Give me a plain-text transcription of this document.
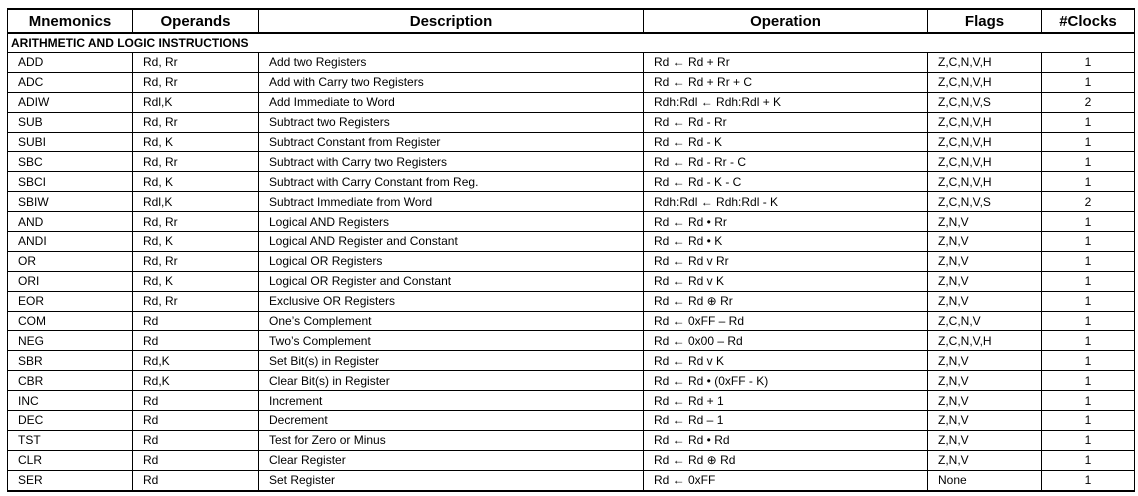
Mnemonics	Operands	Description	Operation	Flags	#Clocks
ARITHMETIC AND LOGIC INSTRUCTIONS					
ADD	Rd, Rr	Add two Registers	Rd ← Rd + Rr	Z,C,N,V,H	1
ADC	Rd, Rr	Add with Carry two Registers	Rd ← Rd + Rr + C	Z,C,N,V,H	1
ADIW	Rdl,K	Add Immediate to Word	Rdh:Rdl ← Rdh:Rdl + K	Z,C,N,V,S	2
SUB	Rd, Rr	Subtract two Registers	Rd ← Rd - Rr	Z,C,N,V,H	1
SUBI	Rd, K	Subtract Constant from Register	Rd ← Rd - K	Z,C,N,V,H	1
SBC	Rd, Rr	Subtract with Carry two Registers	Rd ← Rd - Rr - C	Z,C,N,V,H	1
SBCI	Rd, K	Subtract with Carry Constant from Reg.	Rd ← Rd - K - C	Z,C,N,V,H	1
SBIW	Rdl,K	Subtract Immediate from Word	Rdh:Rdl ← Rdh:Rdl - K	Z,C,N,V,S	2
AND	Rd, Rr	Logical AND Registers	Rd ← Rd • Rr	Z,N,V	1
ANDI	Rd, K	Logical AND Register and Constant	Rd ← Rd • K	Z,N,V	1
OR	Rd, Rr	Logical OR Registers	Rd ← Rd v Rr	Z,N,V	1
ORI	Rd, K	Logical OR Register and Constant	Rd ← Rd v K	Z,N,V	1
EOR	Rd, Rr	Exclusive OR Registers	Rd ← Rd ⊕ Rr	Z,N,V	1
COM	Rd	One’s Complement	Rd ← 0xFF – Rd	Z,C,N,V	1
NEG	Rd	Two’s Complement	Rd ← 0x00 – Rd	Z,C,N,V,H	1
SBR	Rd,K	Set Bit(s) in Register	Rd ← Rd v K	Z,N,V	1
CBR	Rd,K	Clear Bit(s) in Register	Rd ← Rd • (0xFF - K)	Z,N,V	1
INC	Rd	Increment	Rd ← Rd + 1	Z,N,V	1
DEC	Rd	Decrement	Rd ← Rd – 1	Z,N,V	1
TST	Rd	Test for Zero or Minus	Rd ← Rd • Rd	Z,N,V	1
CLR	Rd	Clear Register	Rd ← Rd ⊕ Rd	Z,N,V	1
SER	Rd	Set Register	Rd ← 0xFF	None	1
